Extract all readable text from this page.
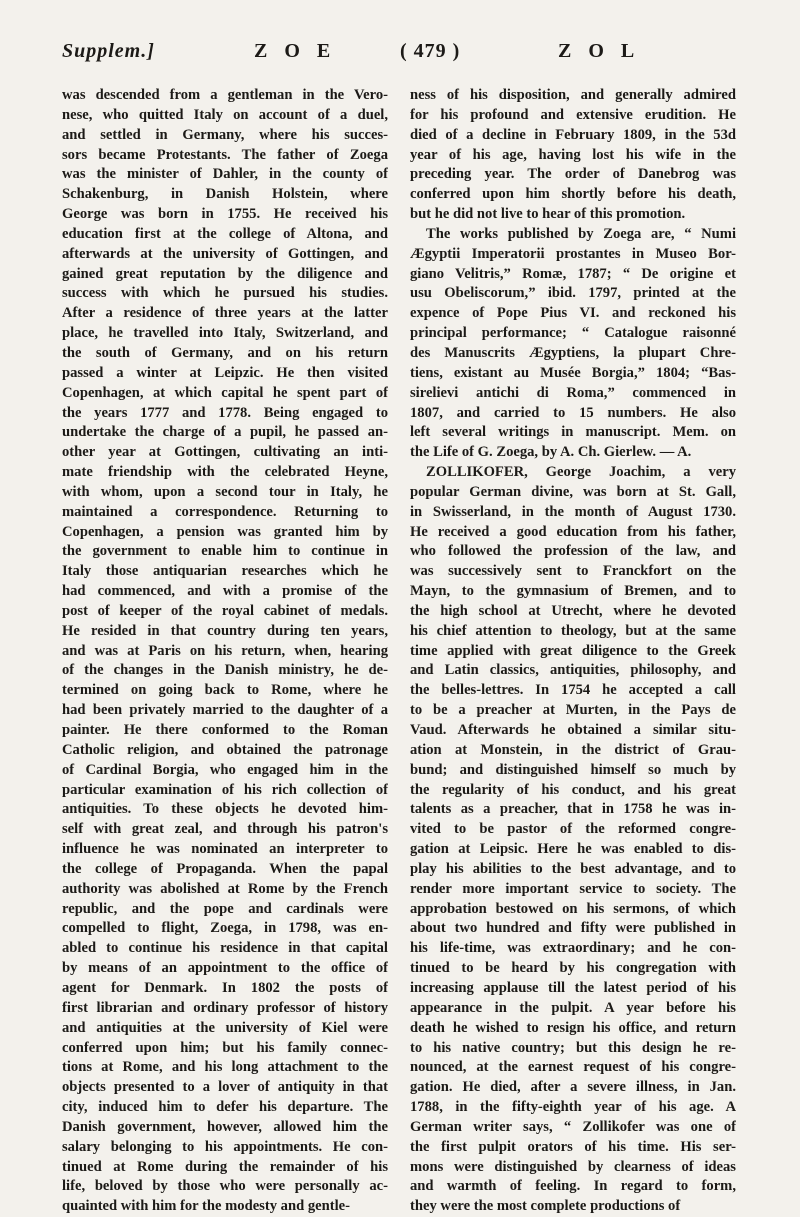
Supplem.]	Z O E	( 479 )	Z O L
was descended from a gentleman in the Vero-
nese, who quitted Italy on account of a duel,
and settled in Germany, where his succes-
sors became Protestants. The father of Zoega
was the minister of Dahler, in the county of
Schakenburg, in Danish Holstein, where
George was born in 1755. He received his
education first at the college of Altona, and
afterwards at the university of Gottingen, and
gained great reputation by the diligence and
success with which he pursued his studies.
After a residence of three years at the latter
place, he travelled into Italy, Switzerland, and
the south of Germany, and on his return
passed a winter at Leipzic. He then visited
Copenhagen, at which capital he spent part of
the years 1777 and 1778. Being engaged to
undertake the charge of a pupil, he passed an-
other year at Gottingen, cultivating an inti-
mate friendship with the celebrated Heyne,
with whom, upon a second tour in Italy, he
maintained a correspondence. Returning to
Copenhagen, a pension was granted him by
the government to enable him to continue in
Italy those antiquarian researches which he
had commenced, and with a promise of the
post of keeper of the royal cabinet of medals.
He resided in that country during ten years,
and was at Paris on his return, when, hearing
of the changes in the Danish ministry, he de-
termined on going back to Rome, where he
had been privately married to the daughter of a
painter. He there conformed to the Roman
Catholic religion, and obtained the patronage
of Cardinal Borgia, who engaged him in the
particular examination of his rich collection of
antiquities. To these objects he devoted him-
self with great zeal, and through his patron's
influence he was nominated an interpreter to
the college of Propaganda. When the papal
authority was abolished at Rome by the French
republic, and the pope and cardinals were
compelled to flight, Zoega, in 1798, was en-
abled to continue his residence in that capital
by means of an appointment to the office of
agent for Denmark. In 1802 the posts of
first librarian and ordinary professor of history
and antiquities at the university of Kiel were
conferred upon him; but his family connec-
tions at Rome, and his long attachment to the
objects presented to a lover of antiquity in that
city, induced him to defer his departure. The
Danish government, however, allowed him the
salary belonging to his appointments. He con-
tinued at Rome during the remainder of his
life, beloved by those who were personally ac-
quainted with him for the modesty and gentle-
ness of his disposition, and generally admired
for his profound and extensive erudition. He
died of a decline in February 1809, in the 53d
year of his age, having lost his wife in the
preceding year. The order of Danebrog was
conferred upon him shortly before his death,
but he did not live to hear of this promotion.
The works published by Zoega are, “ Numi
Ægyptii Imperatorii prostantes in Museo Bor-
giano Velitris,” Romæ, 1787; “ De origine et
usu Obeliscorum,” ibid. 1797, printed at the
expence of Pope Pius VI. and reckoned his
principal performance; “ Catalogue raisonné
des Manuscrits Ægyptiens, la plupart Chre-
tiens, existant au Musée Borgia,” 1804; “Bas-
sirelievi antichi di Roma,” commenced in
1807, and carried to 15 numbers. He also
left several writings in manuscript. Mem. on
the Life of G. Zoega, by A. Ch. Gierlew. — A.
ZOLLIKOFER, George Joachim, a very
popular German divine, was born at St. Gall,
in Swisserland, in the month of August 1730.
He received a good education from his father,
who followed the profession of the law, and
was successively sent to Franckfort on the
Mayn, to the gymnasium of Bremen, and to
the high school at Utrecht, where he devoted
his chief attention to theology, but at the same
time applied with great diligence to the Greek
and Latin classics, antiquities, philosophy, and
the belles-lettres. In 1754 he accepted a call
to be a preacher at Murten, in the Pays de
Vaud. Afterwards he obtained a similar situ-
ation at Monstein, in the district of Grau-
bund; and distinguished himself so much by
the regularity of his conduct, and his great
talents as a preacher, that in 1758 he was in-
vited to be pastor of the reformed congre-
gation at Leipsic. Here he was enabled to dis-
play his abilities to the best advantage, and to
render more important service to society. The
approbation bestowed on his sermons, of which
about two hundred and fifty were published in
his life-time, was extraordinary; and he con-
tinued to be heard by his congregation with
increasing applause till the latest period of his
appearance in the pulpit. A year before his
death he wished to resign his office, and return
to his native country; but this design he re-
nounced, at the earnest request of his congre-
gation. He died, after a severe illness, in Jan.
1788, in the fifty-eighth year of his age. A
German writer says, “ Zollikofer was one of
the first pulpit orators of his time. His ser-
mons were distinguished by clearness of ideas
and warmth of feeling. In regard to form,
they were the most complete productions of
